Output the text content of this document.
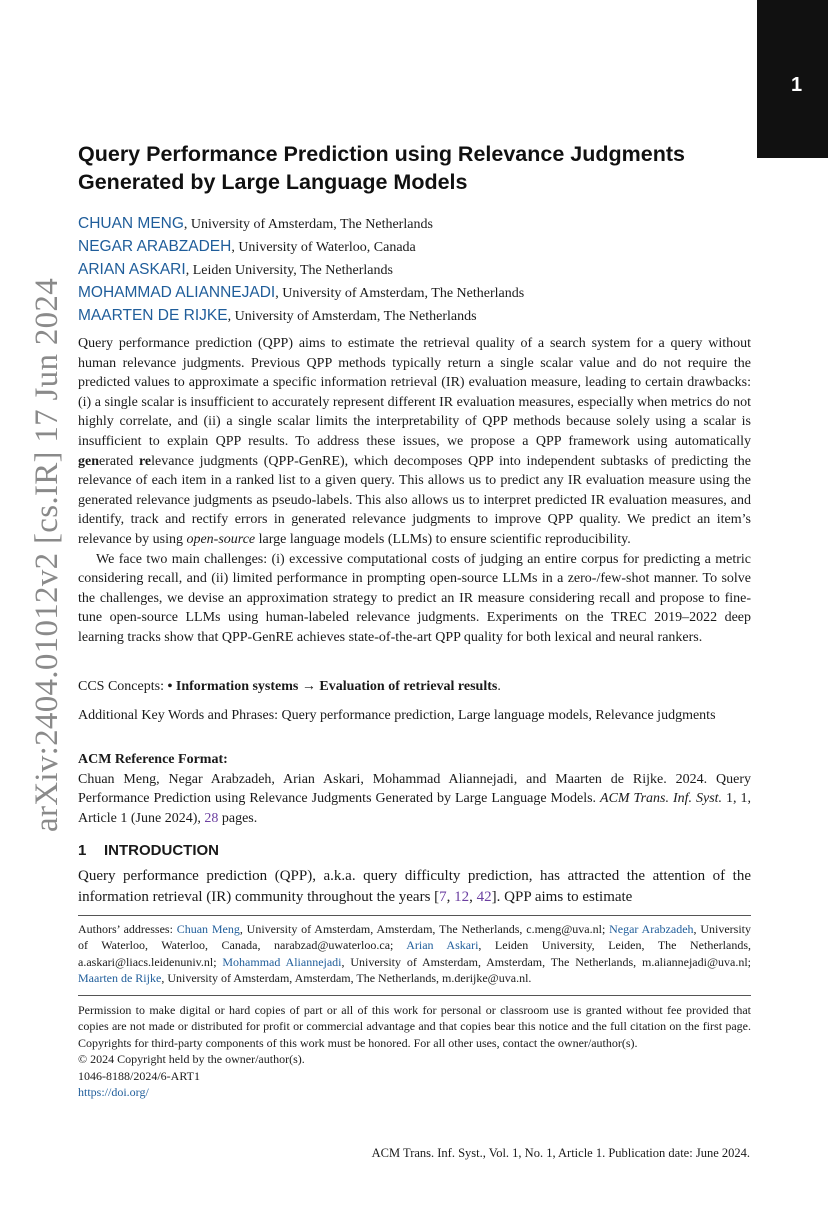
1
arXiv:2404.01012v2 [cs.IR] 17 Jun 2024
Query Performance Prediction using Relevance Judgments Generated by Large Language Models
CHUAN MENG, University of Amsterdam, The Netherlands
NEGAR ARABZADEH, University of Waterloo, Canada
ARIAN ASKARI, Leiden University, The Netherlands
MOHAMMAD ALIANNEJADI, University of Amsterdam, The Netherlands
MAARTEN DE RIJKE, University of Amsterdam, The Netherlands

Query performance prediction (QPP) aims to estimate the retrieval quality of a search system for a query without human relevance judgments. Previous QPP methods typically return a single scalar value and do not require the predicted values to approximate a specific information retrieval (IR) evaluation measure, leading to certain drawbacks: (i) a single scalar is insufficient to accurately represent different IR evaluation measures, especially when metrics do not highly correlate, and (ii) a single scalar limits the interpretability of QPP methods because solely using a scalar is insufficient to explain QPP results. To address these issues, we propose a QPP framework using automatically generated relevance judgments (QPP-GenRE), which decomposes QPP into independent subtasks of predicting the relevance of each item in a ranked list to a given query. This allows us to predict any IR evaluation measure using the generated relevance judgments as pseudo-labels. This also allows us to interpret predicted IR evaluation measures, and identify, track and rectify errors in generated relevance judgments to improve QPP quality. We predict an item’s relevance by using open-source large language models (LLMs) to ensure scientific reproducibility.

We face two main challenges: (i) excessive computational costs of judging an entire corpus for predicting a metric considering recall, and (ii) limited performance in prompting open-source LLMs in a zero-/few-shot manner. To solve the challenges, we devise an approximation strategy to predict an IR measure considering recall and propose to fine-tune open-source LLMs using human-labeled relevance judgments. Experiments on the TREC 2019–2022 deep learning tracks show that QPP-GenRE achieves state-of-the-art QPP quality for both lexical and neural rankers.

CCS Concepts: • Information systems → Evaluation of retrieval results.
Additional Key Words and Phrases: Query performance prediction, Large language models, Relevance judgments
ACM Reference Format:
Chuan Meng, Negar Arabzadeh, Arian Askari, Mohammad Aliannejadi, and Maarten de Rijke. 2024. Query Performance Prediction using Relevance Judgments Generated by Large Language Models. ACM Trans. Inf. Syst. 1, 1, Article 1 (June 2024), 28 pages.
1 INTRODUCTION
Query performance prediction (QPP), a.k.a. query difficulty prediction, has attracted the attention of the information retrieval (IR) community throughout the years [7, 12, 42]. QPP aims to estimate
Authors’ addresses: Chuan Meng, University of Amsterdam, Amsterdam, The Netherlands, c.meng@uva.nl; Negar Arabzadeh, University of Waterloo, Waterloo, Canada, narabzad@uwaterloo.ca; Arian Askari, Leiden University, Leiden, The Netherlands, a.askari@liacs.leidenuniv.nl; Mohammad Aliannejadi, University of Amsterdam, Amsterdam, The Netherlands, m.aliannejadi@uva.nl; Maarten de Rijke, University of Amsterdam, Amsterdam, The Netherlands, m.derijke@uva.nl.

Permission to make digital or hard copies of part or all of this work for personal or classroom use is granted without fee provided that copies are not made or distributed for profit or commercial advantage and that copies bear this notice and the full citation on the first page. Copyrights for third-party components of this work must be honored. For all other uses, contact the owner/author(s).

© 2024 Copyright held by the owner/author(s).

1046-8188/2024/6-ART1

https://doi.org/

ACM Trans. Inf. Syst., Vol. 1, No. 1, Article 1. Publication date: June 2024.
